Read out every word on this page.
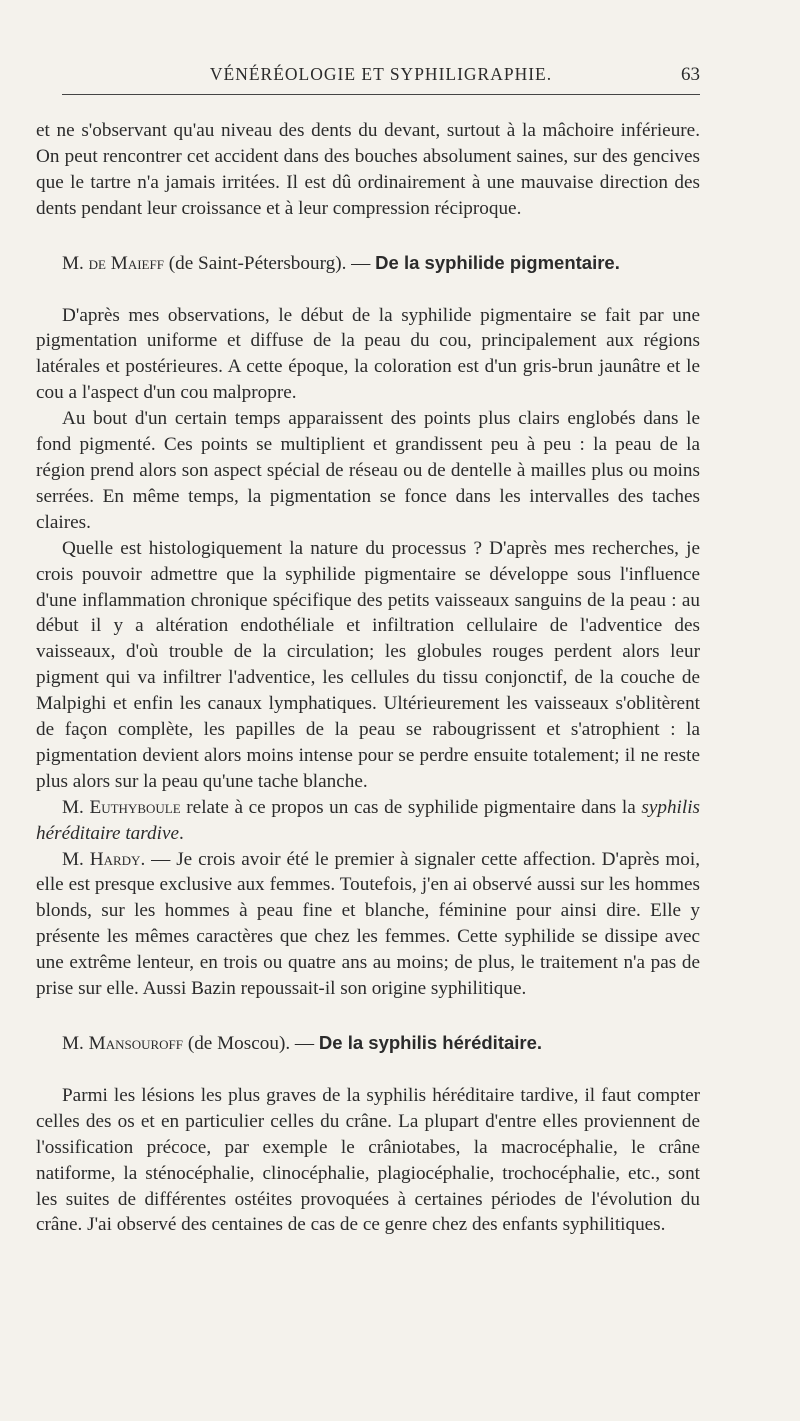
VÉNÉRÉOLOGIE ET SYPHILIGRAPHIE.	63

et ne s'observant qu'au niveau des dents du devant, surtout à la mâchoire inférieure. On peut rencontrer cet accident dans des bouches absolument saines, sur des gencives que le tartre n'a jamais irritées. Il est dû ordinairement à une mauvaise direction des dents pendant leur croissance et à leur compression réciproque.

M. de Maieff (de Saint-Pétersbourg). — De la syphilide pigmentaire.

D'après mes observations, le début de la syphilide pigmentaire se fait par une pigmentation uniforme et diffuse de la peau du cou, principalement aux régions latérales et postérieures. A cette époque, la coloration est d'un gris-brun jaunâtre et le cou a l'aspect d'un cou malpropre.

Au bout d'un certain temps apparaissent des points plus clairs englobés dans le fond pigmenté. Ces points se multiplient et grandissent peu à peu : la peau de la région prend alors son aspect spécial de réseau ou de dentelle à mailles plus ou moins serrées. En même temps, la pigmentation se fonce dans les intervalles des taches claires.

Quelle est histologiquement la nature du processus ? D'après mes recherches, je crois pouvoir admettre que la syphilide pigmentaire se développe sous l'influence d'une inflammation chronique spécifique des petits vaisseaux sanguins de la peau : au début il y a altération endothéliale et infiltration cellulaire de l'adventice des vaisseaux, d'où trouble de la circulation; les globules rouges perdent alors leur pigment qui va infiltrer l'adventice, les cellules du tissu conjonctif, de la couche de Malpighi et enfin les canaux lymphatiques. Ultérieurement les vaisseaux s'oblitèrent de façon complète, les papilles de la peau se rabougrissent et s'atrophient : la pigmentation devient alors moins intense pour se perdre ensuite totalement; il ne reste plus alors sur la peau qu'une tache blanche.

M. Euthyboule relate à ce propos un cas de syphilide pigmentaire dans la syphilis héréditaire tardive.

M. Hardy. — Je crois avoir été le premier à signaler cette affection. D'après moi, elle est presque exclusive aux femmes. Toutefois, j'en ai observé aussi sur les hommes blonds, sur les hommes à peau fine et blanche, féminine pour ainsi dire. Elle y présente les mêmes caractères que chez les femmes. Cette syphilide se dissipe avec une extrême lenteur, en trois ou quatre ans au moins; de plus, le traitement n'a pas de prise sur elle. Aussi Bazin repoussait-il son origine syphilitique.

M. Mansouroff (de Moscou). — De la syphilis héréditaire.

Parmi les lésions les plus graves de la syphilis héréditaire tardive, il faut compter celles des os et en particulier celles du crâne. La plupart d'entre elles proviennent de l'ossification précoce, par exemple le crâniotabes, la macrocéphalie, le crâne natiforme, la sténocéphalie, clinocéphalie, plagiocéphalie, trochocéphalie, etc., sont les suites de différentes ostéites provoquées à certaines périodes de l'évolution du crâne. J'ai observé des centaines de cas de ce genre chez des enfants syphilitiques.
